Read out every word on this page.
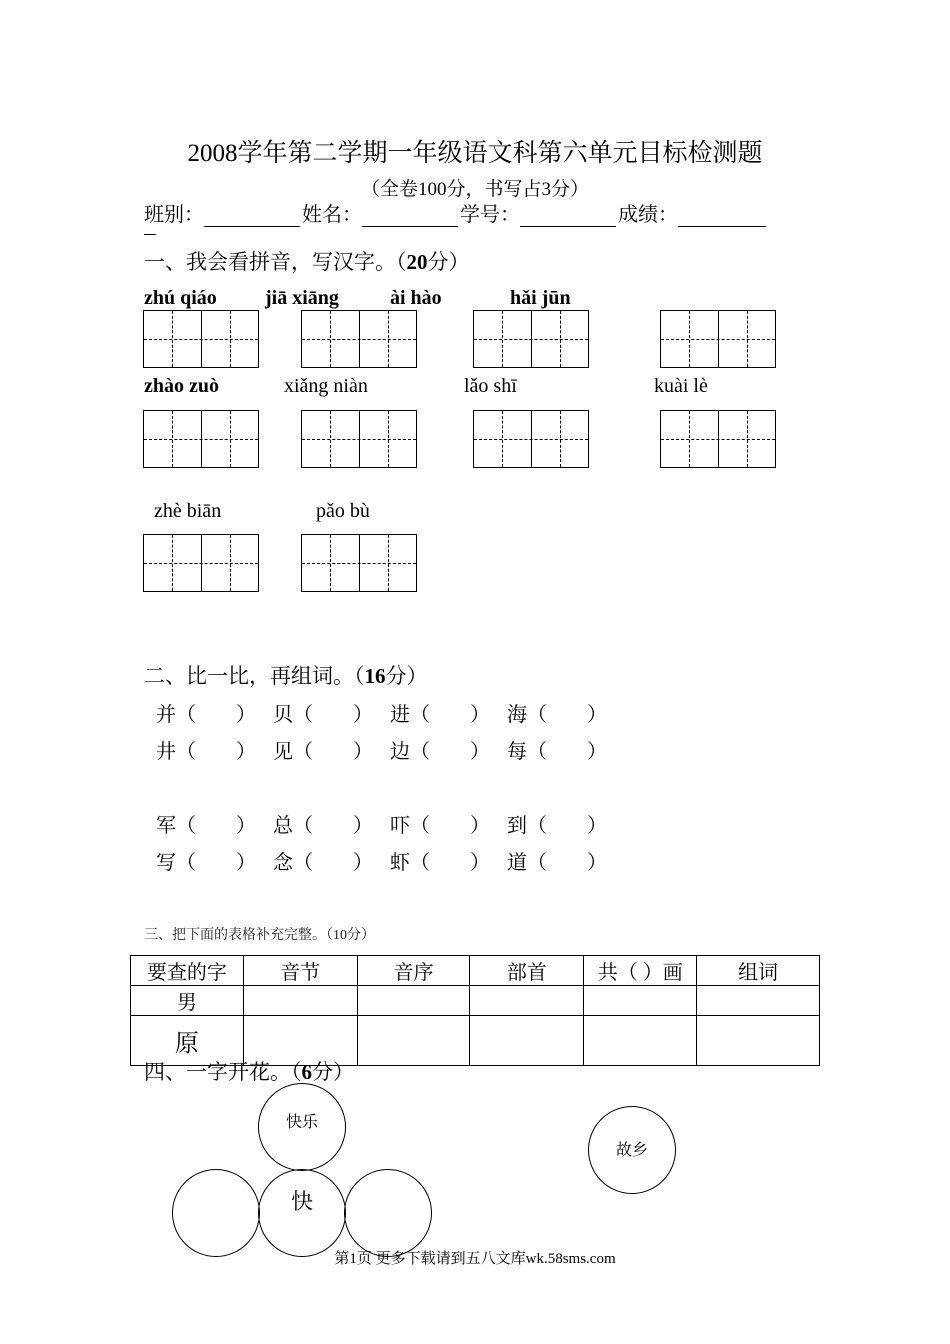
2008学年第二学期一年级语文科第六单元目标检测题
（全卷100分，书写占3分）
班别：	姓名：	学号：	成绩：
一、我会看拼音，写汉字。（20分）
zhú qiáo jiā xiāng	ài hào	hǎi jūn
zhào zuò	xiǎng niàn	lǎo shī	kuài lè
zhè biān	pǎo bù
二、比一比，再组词。（16分）
并（　　） 贝（　　） 进（　　） 海（　　）
井（　　） 见（　　） 边（　　） 每（　　）
军（　　） 总（　　） 吓（　　） 到（　　）
写（　　） 念（　　） 虾（　　） 道（　　）
三、把下面的表格补充完整。（10分）
要查的字	音节	音序	部首	共（ ）画	组词
男					
原					
四、一字开花。（6分）
快乐
快
故乡
第1页 更多下载请到五八文库wk.58sms.com
